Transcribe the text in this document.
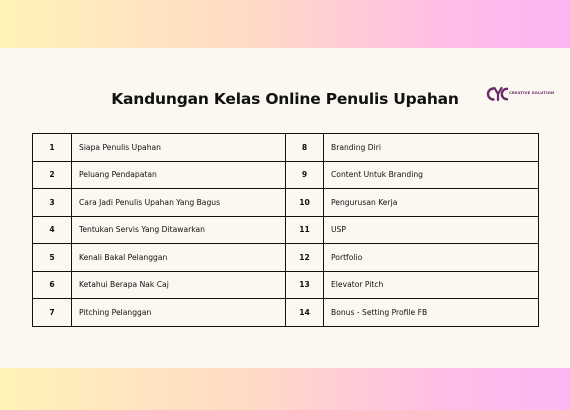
CREATIVE SOLUTION
Kandungan Kelas Online Penulis Upahan
1	Siapa Penulis Upahan	8	Branding Diri
2	Peluang Pendapatan	9	Content Untuk Branding
3	Cara Jadi Penulis Upahan Yang Bagus	10	Pengurusan Kerja
4	Tentukan Servis Yang Ditawarkan	11	USP
5	Kenali Bakal Pelanggan	12	Portfolio
6	Ketahui Berapa Nak Caj	13	Elevator Pitch
7	Pitching Pelanggan	14	Bonus - Setting Profile FB
